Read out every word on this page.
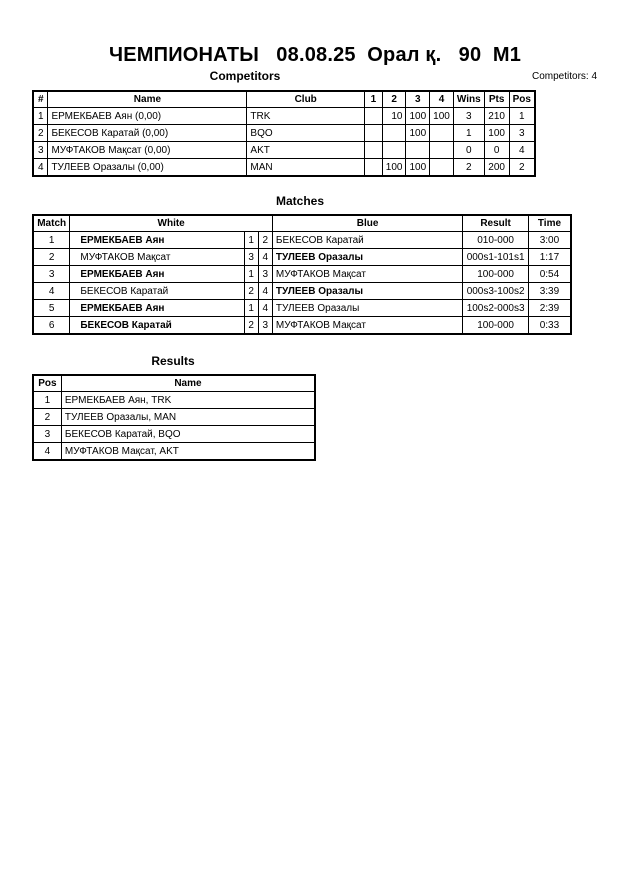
ЧЕМПИОНАТЫ 08.08.25 Орал қ. 90 M1
Competitors	Competitors: 4
#	Name	Club	1	2	3	4	Wins	Pts	Pos
1	ЕРМЕКБАЕВ Аян (0,00)	TRK		10	100	100	3	210	1
2	БЕКЕСОВ Каратай (0,00)	BQO			100		1	100	3
3	МУФТАКОВ Мақсат (0,00)	AKT					0	0	4
4	ТУЛЕЕВ Оразалы (0,00)	MAN		100	100		2	200	2
Matches
Match	White			Blue	Result	Time
1	ЕРМЕКБАЕВ Аян	1	2	БЕКЕСОВ Каратай	010-000	3:00
2	МУФТАКОВ Мақсат	3	4	ТУЛЕЕВ Оразалы	000s1-101s1	1:17
3	ЕРМЕКБАЕВ Аян	1	3	МУФТАКОВ Мақсат	100-000	0:54
4	БЕКЕСОВ Каратай	2	4	ТУЛЕЕВ Оразалы	000s3-100s2	3:39
5	ЕРМЕКБАЕВ Аян	1	4	ТУЛЕЕВ Оразалы	100s2-000s3	2:39
6	БЕКЕСОВ Каратай	2	3	МУФТАКОВ Мақсат	100-000	0:33
Results
Pos	Name
1	ЕРМЕКБАЕВ Аян, TRK
2	ТУЛЕЕВ Оразалы, MAN
3	БЕКЕСОВ Каратай, BQO
4	МУФТАКОВ Мақсат, AKT
